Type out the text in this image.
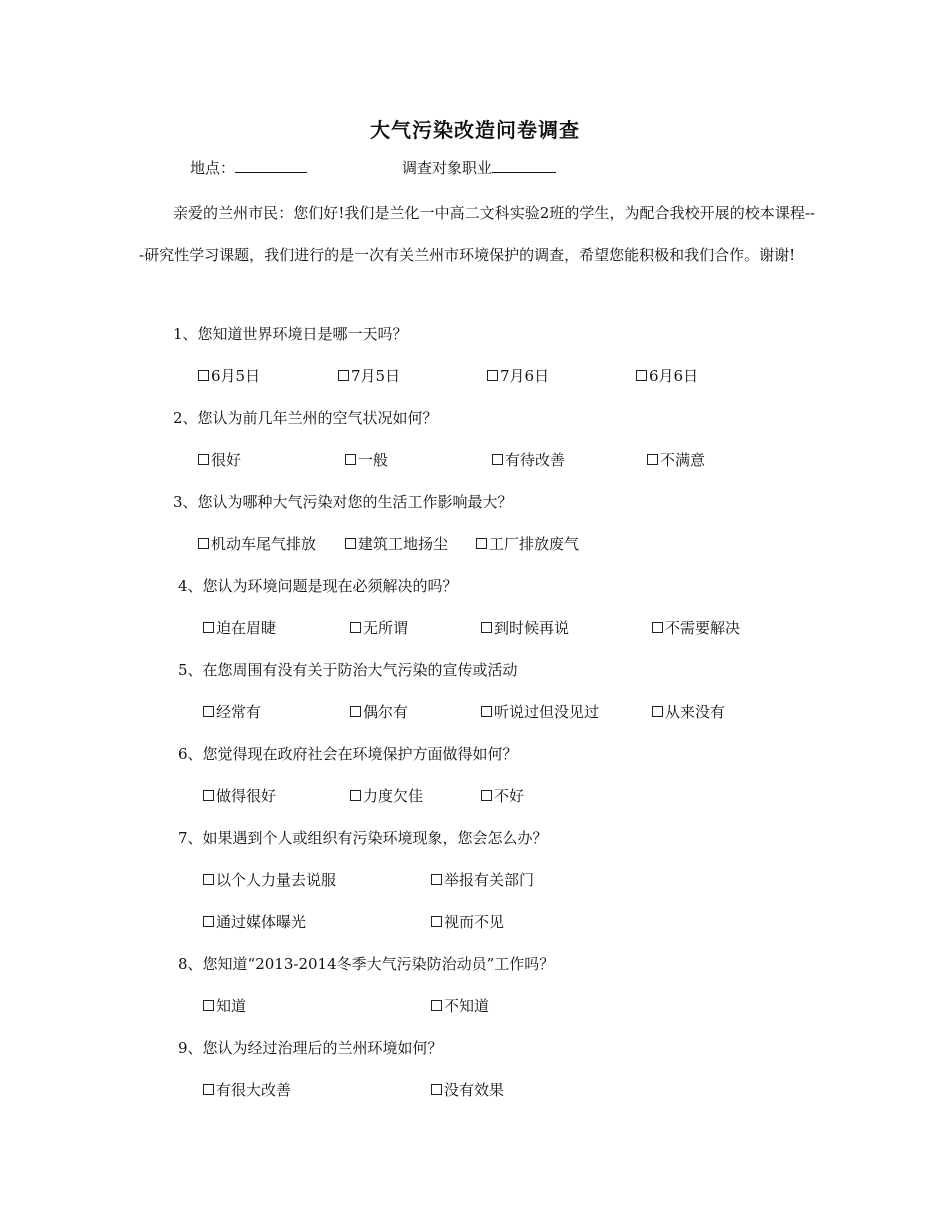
大气污染改造问卷调查
地点：	调查对象职业
亲爱的兰州市民：您们好!我们是兰化一中高二文科实验2班的学生，为配合我校开展的校本课程---研究性学习课题，我们进行的是一次有关兰州市环境保护的调查，希望您能积极和我们合作。谢谢!
1、您知道世界环境日是哪一天吗？
6月5日	7月5日	7月6日	6月6日
2、您认为前几年兰州的空气状况如何？
很好	一般	有待改善	不满意
3、您认为哪种大气污染对您的生活工作影响最大？
机动车尾气排放	建筑工地扬尘	工厂排放废气
4、您认为环境问题是现在必须解决的吗？
迫在眉睫	无所谓	到时候再说	不需要解决
5、在您周围有没有关于防治大气污染的宣传或活动
经常有	偶尔有	听说过但没见过	从来没有
6、您觉得现在政府社会在环境保护方面做得如何？
做得很好	力度欠佳	不好
7、如果遇到个人或组织有污染环境现象，您会怎么办？
以个人力量去说服	举报有关部门
通过媒体曝光	视而不见
8、您知道“2013-2014冬季大气污染防治动员”工作吗？
知道	不知道
9、您认为经过治理后的兰州环境如何？
有很大改善	没有效果
